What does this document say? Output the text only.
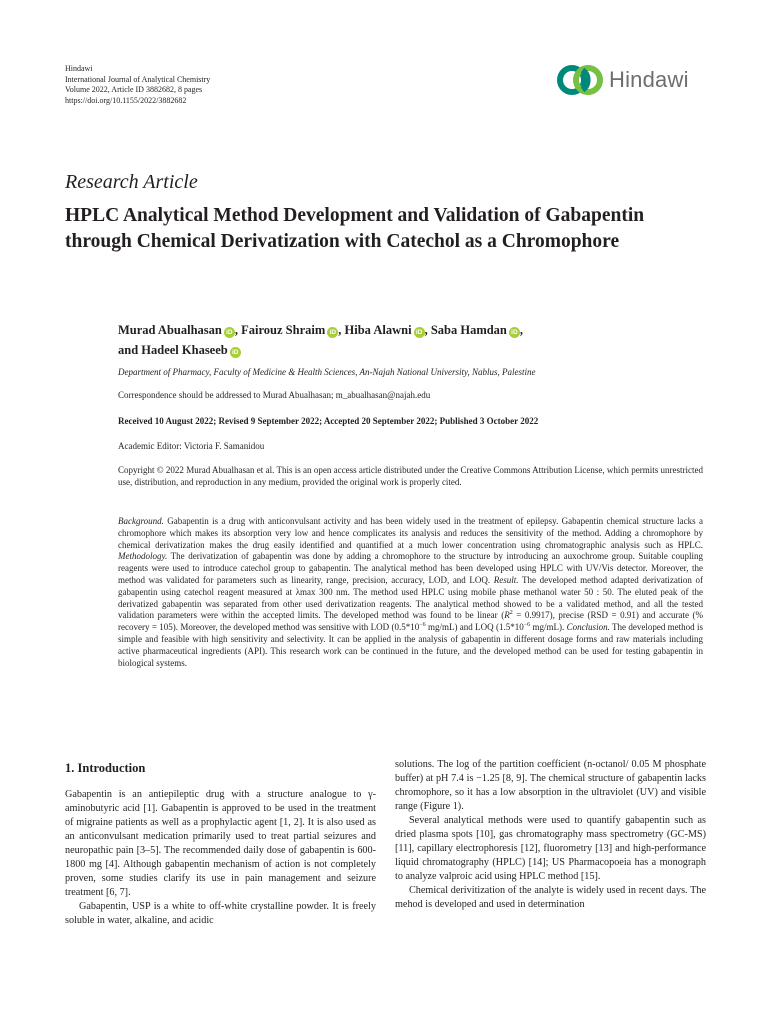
Hindawi
International Journal of Analytical Chemistry
Volume 2022, Article ID 3882682, 8 pages
https://doi.org/10.1155/2022/3882682
Hindawi
Research Article
HPLC Analytical Method Development and Validation of Gabapentin through Chemical Derivatization with Catechol as a Chromophore
Murad Abualhasan iD , Fairouz Shraim iD , Hiba Alawni iD , Saba Hamdan iD ,
and Hadeel Khaseeb iD
Department of Pharmacy, Faculty of Medicine & Health Sciences, An-Najah National University, Nablus, Palestine
Correspondence should be addressed to Murad Abualhasan; m_abualhasan@najah.edu
Received 10 August 2022; Revised 9 September 2022; Accepted 20 September 2022; Published 3 October 2022
Academic Editor: Victoria F. Samanidou
Copyright © 2022 Murad Abualhasan et al. This is an open access article distributed under the Creative Commons Attribution License, which permits unrestricted use, distribution, and reproduction in any medium, provided the original work is properly cited.
Background. Gabapentin is a drug with anticonvulsant activity and has been widely used in the treatment of epilepsy. Gabapentin chemical structure lacks a chromophore which makes its absorption very low and hence complicates its analysis and reduces the sensitivity of the method. Adding a chromophore by chemical derivatization makes the drug easily identified and quantified at a much lower concentration using chromatographic analysis such as HPLC. Methodology. The derivatization of gabapentin was done by adding a chromophore to the structure by introducing an auxochrome group. Suitable coupling reagents were used to introduce catechol group to gabapentin. The analytical method has been developed using HPLC with UV/Vis detector. Moreover, the method was validated for parameters such as linearity, range, precision, accuracy, LOD, and LOQ. Result. The developed method adapted derivatization of gabapentin using catechol reagent measured at λmax 300 nm. The method used HPLC using mobile phase methanol water 50 : 50. The eluted peak of the derivatized gabapentin was separated from other used derivatization reagents. The analytical method showed to be a validated method, and all the tested validation parameters were within the accepted limits. The developed method was found to be linear $(R^2 = 0.9917)$, precise (RSD = 0.91) and accurate (% recovery = 105). Moreover, the developed method was sensitive with LOD ($0.5*10^{-6}$ mg/mL) and LOQ ($1.5*10^{-6}$ mg/mL). Conclusion. The developed method is simple and feasible with high sensitivity and selectivity. It can be applied in the analysis of gabapentin in different dosage forms and raw materials including active pharmaceutical ingredients (API). This research work can be continued in the future, and the developed method can be used for testing gabapentin in biological systems.
1. Introduction

Gabapentin is an antiepileptic drug with a structure analogue to γ-aminobutyric acid [1]. Gabapentin is approved to be used in the treatment of migraine patients as well as a prophylactic agent [1, 2]. It is also used as an anticonvulsant medication primarily used to treat partial seizures and neuropathic pain [3–5]. The recommended daily dose of gabapentin is 600-1800 mg [4]. Although gabapentin mechanism of action is not completely proven, some studies clarify its use in pain management and seizure treatment [6, 7].

Gabapentin, USP is a white to off-white crystalline powder. It is freely soluble in water, alkaline, and acidic

solutions. The log of the partition coefficient (n-octanol/ 0.05 M phosphate buffer) at pH 7.4 is −1.25 [8, 9]. The chemical structure of gabapentin lacks chromophore, so it has a low absorption in the ultraviolet (UV) and visible range (Figure 1).

Several analytical methods were used to quantify gabapentin such as dried plasma spots [10], gas chromatography mass spectrometry (GC-MS) [11], capillary electrophoresis [12], fluorometry [13] and high-performance liquid chromatography (HPLC) [14]; US Pharmacopoeia has a monograph to analyze valproic acid using HPLC method [15].

Chemical derivitization of the analyte is widely used in recent days. The mehod is developed and used in determination
